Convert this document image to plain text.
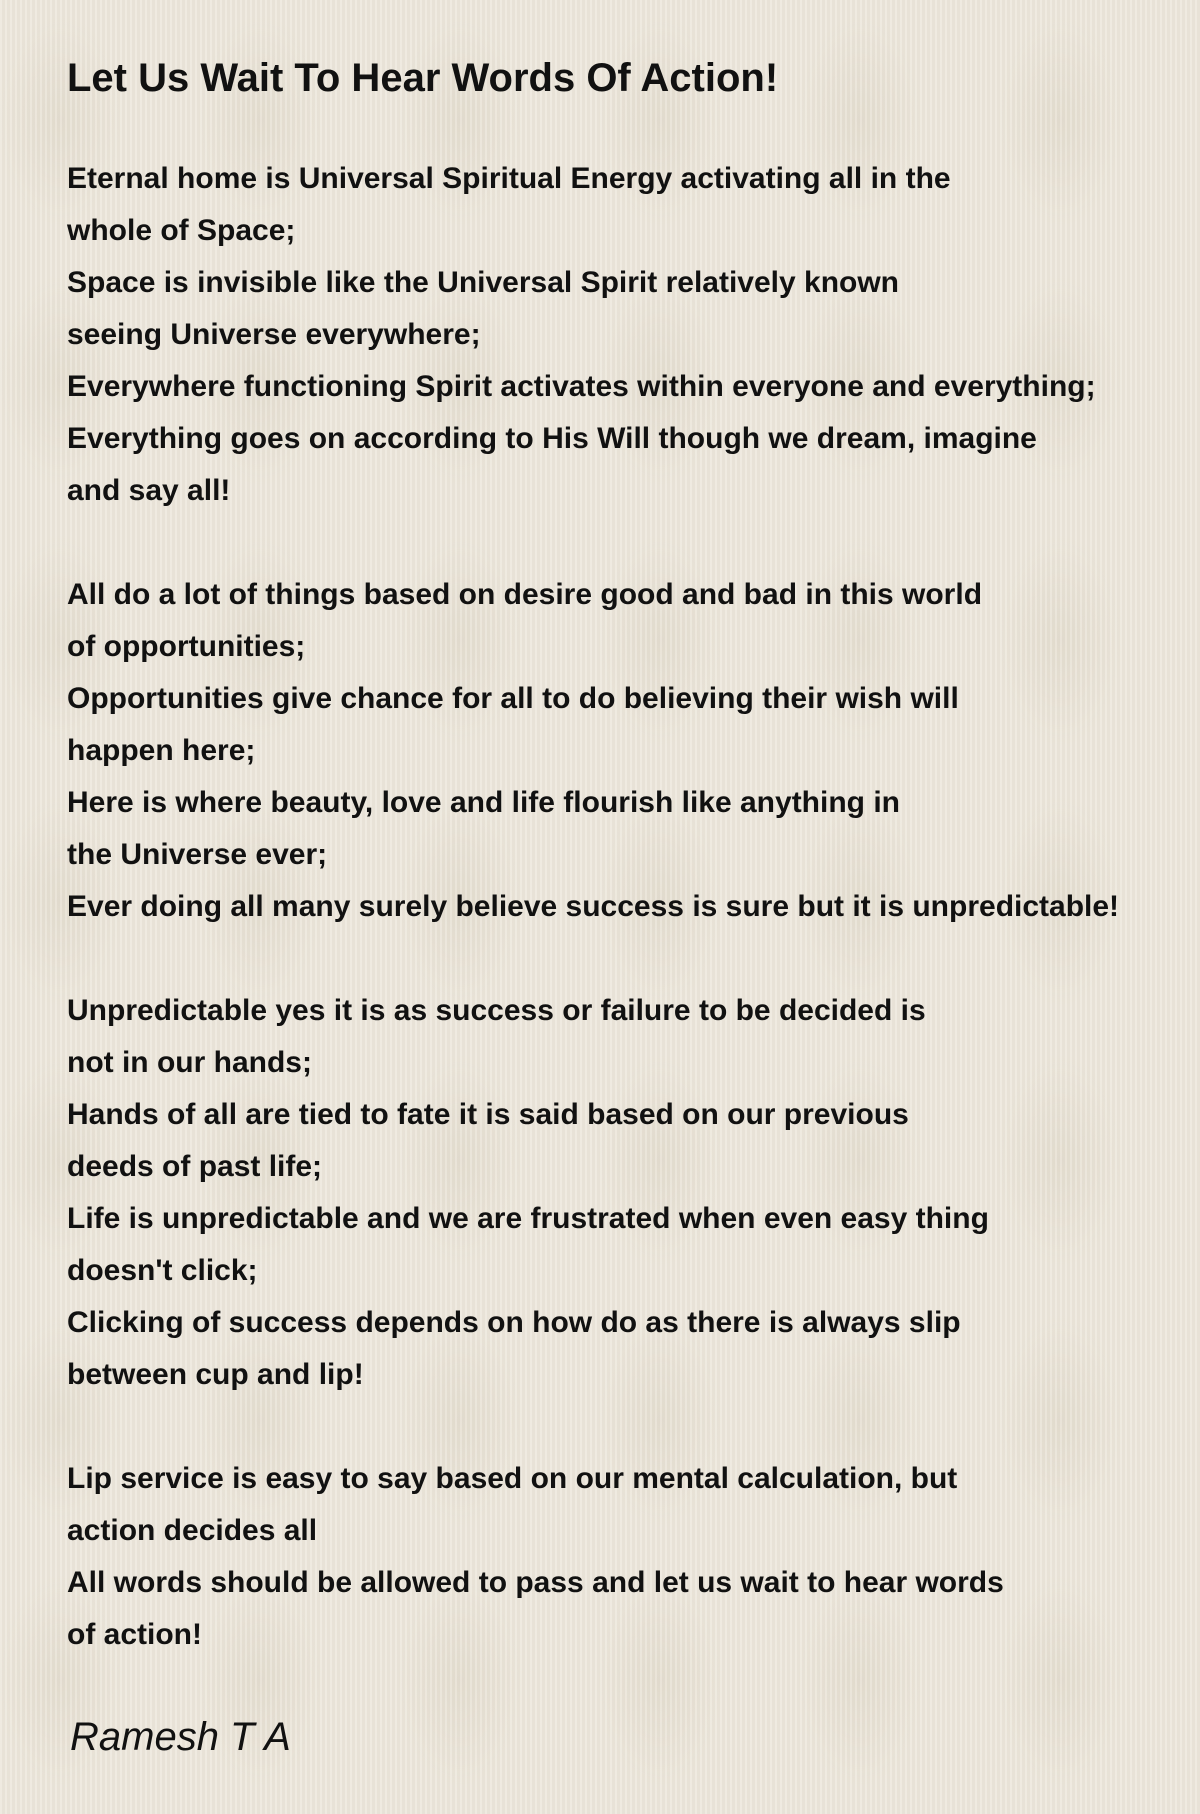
Let Us Wait To Hear Words Of Action!
Eternal home is Universal Spiritual Energy activating all in the
whole of Space;
Space is invisible like the Universal Spirit relatively known
seeing Universe everywhere;
Everywhere functioning Spirit activates within everyone and everything;
Everything goes on according to His Will though we dream, imagine
and say all!
All do a lot of things based on desire good and bad in this world
of opportunities;
Opportunities give chance for all to do believing their wish will
happen here;
Here is where beauty, love and life flourish like anything in
the Universe ever;
Ever doing all many surely believe success is sure but it is unpredictable!
Unpredictable yes it is as success or failure to be decided is
not in our hands;
Hands of all are tied to fate it is said based on our previous
deeds of past life;
Life is unpredictable and we are frustrated when even easy thing
doesn't click;
Clicking of success depends on how do as there is always slip
between cup and lip!
Lip service is easy to say based on our mental calculation, but
action decides all
All words should be allowed to pass and let us wait to hear words
of action!
Ramesh T A
